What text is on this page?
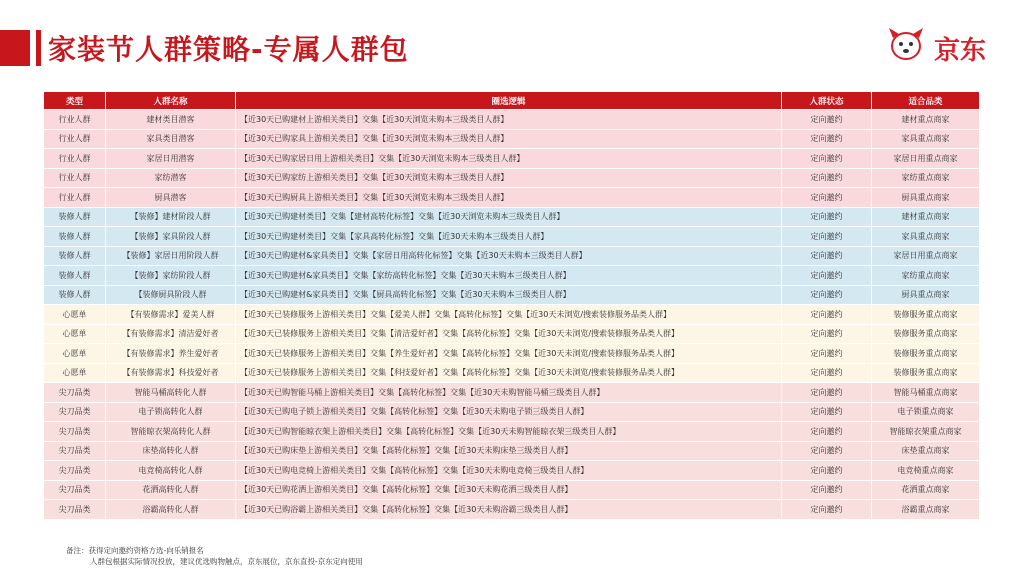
家装节人群策略-专属人群包	京东
类型	人群名称	圈选逻辑	人群状态	适合品类
行业人群	建材类目潜客	【近30天已购建材上游相关类目】交集【近30天浏览未购本三级类目人群】	定向邀约	建材重点商家
行业人群	家具类目潜客	【近30天已购家具上游相关类目】交集【近30天浏览未购本三级类目人群】	定向邀约	家具重点商家
行业人群	家居日用潜客	【近30天已购家居日用上游相关类目】交集【近30天浏览未购本三级类目人群】	定向邀约	家居日用重点商家
行业人群	家纺潜客	【近30天已购家纺上游相关类目】交集【近30天浏览未购本三级类目人群】	定向邀约	家纺重点商家
行业人群	厨具潜客	【近30天已购厨具上游相关类目】交集【近30天浏览未购本三级类目人群】	定向邀约	厨具重点商家
装修人群	【装修】建材阶段人群	【近30天已购建材类目】交集【建材高转化标签】交集【近30天浏览未购本三级类目人群】	定向邀约	建材重点商家
装修人群	【装修】家具阶段人群	【近30天已购建材类目】交集【家具高转化标签】交集【近30天未购本三级类目人群】	定向邀约	家具重点商家
装修人群	【装修】家居日用阶段人群	【近30天已购建材&家具类目】交集【家居日用高转化标签】交集【近30天未购本三级类目人群】	定向邀约	家居日用重点商家
装修人群	【装修】家纺阶段人群	【近30天已购建材&家具类目】交集【家纺高转化标签】交集【近30天未购本三级类目人群】	定向邀约	家纺重点商家
装修人群	【装修厨具阶段人群	【近30天已购建材&家具类目】交集【厨具高转化标签】交集【近30天未购本三级类目人群】	定向邀约	厨具重点商家
心愿单	【有装修需求】爱美人群	【近30天已装修服务上游相关类目】交集【爱美人群】交集【高转化标签】交集【近30天未浏览/搜索装修服务品类人群】	定向邀约	装修服务重点商家
心愿单	【有装修需求】清洁爱好者	【近30天已装修服务上游相关类目】交集【清洁爱好者】交集【高转化标签】交集【近30天未浏览/搜索装修服务品类人群】	定向邀约	装修服务重点商家
心愿单	【有装修需求】养生爱好者	【近30天已装修服务上游相关类目】交集【养生爱好者】交集【高转化标签】交集【近30天未浏览/搜索装修服务品类人群】	定向邀约	装修服务重点商家
心愿单	【有装修需求】科技爱好者	【近30天已装修服务上游相关类目】交集【科技爱好者】交集【高转化标签】交集【近30天未浏览/搜索装修服务品类人群】	定向邀约	装修服务重点商家
尖刀品类	智能马桶高转化人群	【近30天已购智能马桶上游相关类目】交集【高转化标签】交集【近30天未购智能马桶三级类目人群】	定向邀约	智能马桶重点商家
尖刀品类	电子锁高转化人群	【近30天已购电子锁上游相关类目】交集【高转化标签】交集【近30天未购电子锁三级类目人群】	定向邀约	电子锁重点商家
尖刀品类	智能晾衣架高转化人群	【近30天已购智能晾衣架上游相关类目】交集【高转化标签】交集【近30天未购智能晾衣架三级类目人群】	定向邀约	智能晾衣架重点商家
尖刀品类	床垫高转化人群	【近30天已购床垫上游相关类目】交集【高转化标签】交集【近30天未购床垫三级类目人群】	定向邀约	床垫重点商家
尖刀品类	电竞椅高转化人群	【近30天已购电竞椅上游相关类目】交集【高转化标签】交集【近30天未购电竞椅三级类目人群】	定向邀约	电竞椅重点商家
尖刀品类	花洒高转化人群	【近30天已购花洒上游相关类目】交集【高转化标签】交集【近30天未购花洒三级类目人群】	定向邀约	花洒重点商家
尖刀品类	浴霸高转化人群	【近30天已购浴霸上游相关类目】交集【高转化标签】交集【近30天未购浴霸三级类目人群】	定向邀约	浴霸重点商家
备注：获得定向邀约资格方选-向乐销报名
人群包根据实际情况投放，建议优选购物触点，京东展位，京东直投-京东定向使用
